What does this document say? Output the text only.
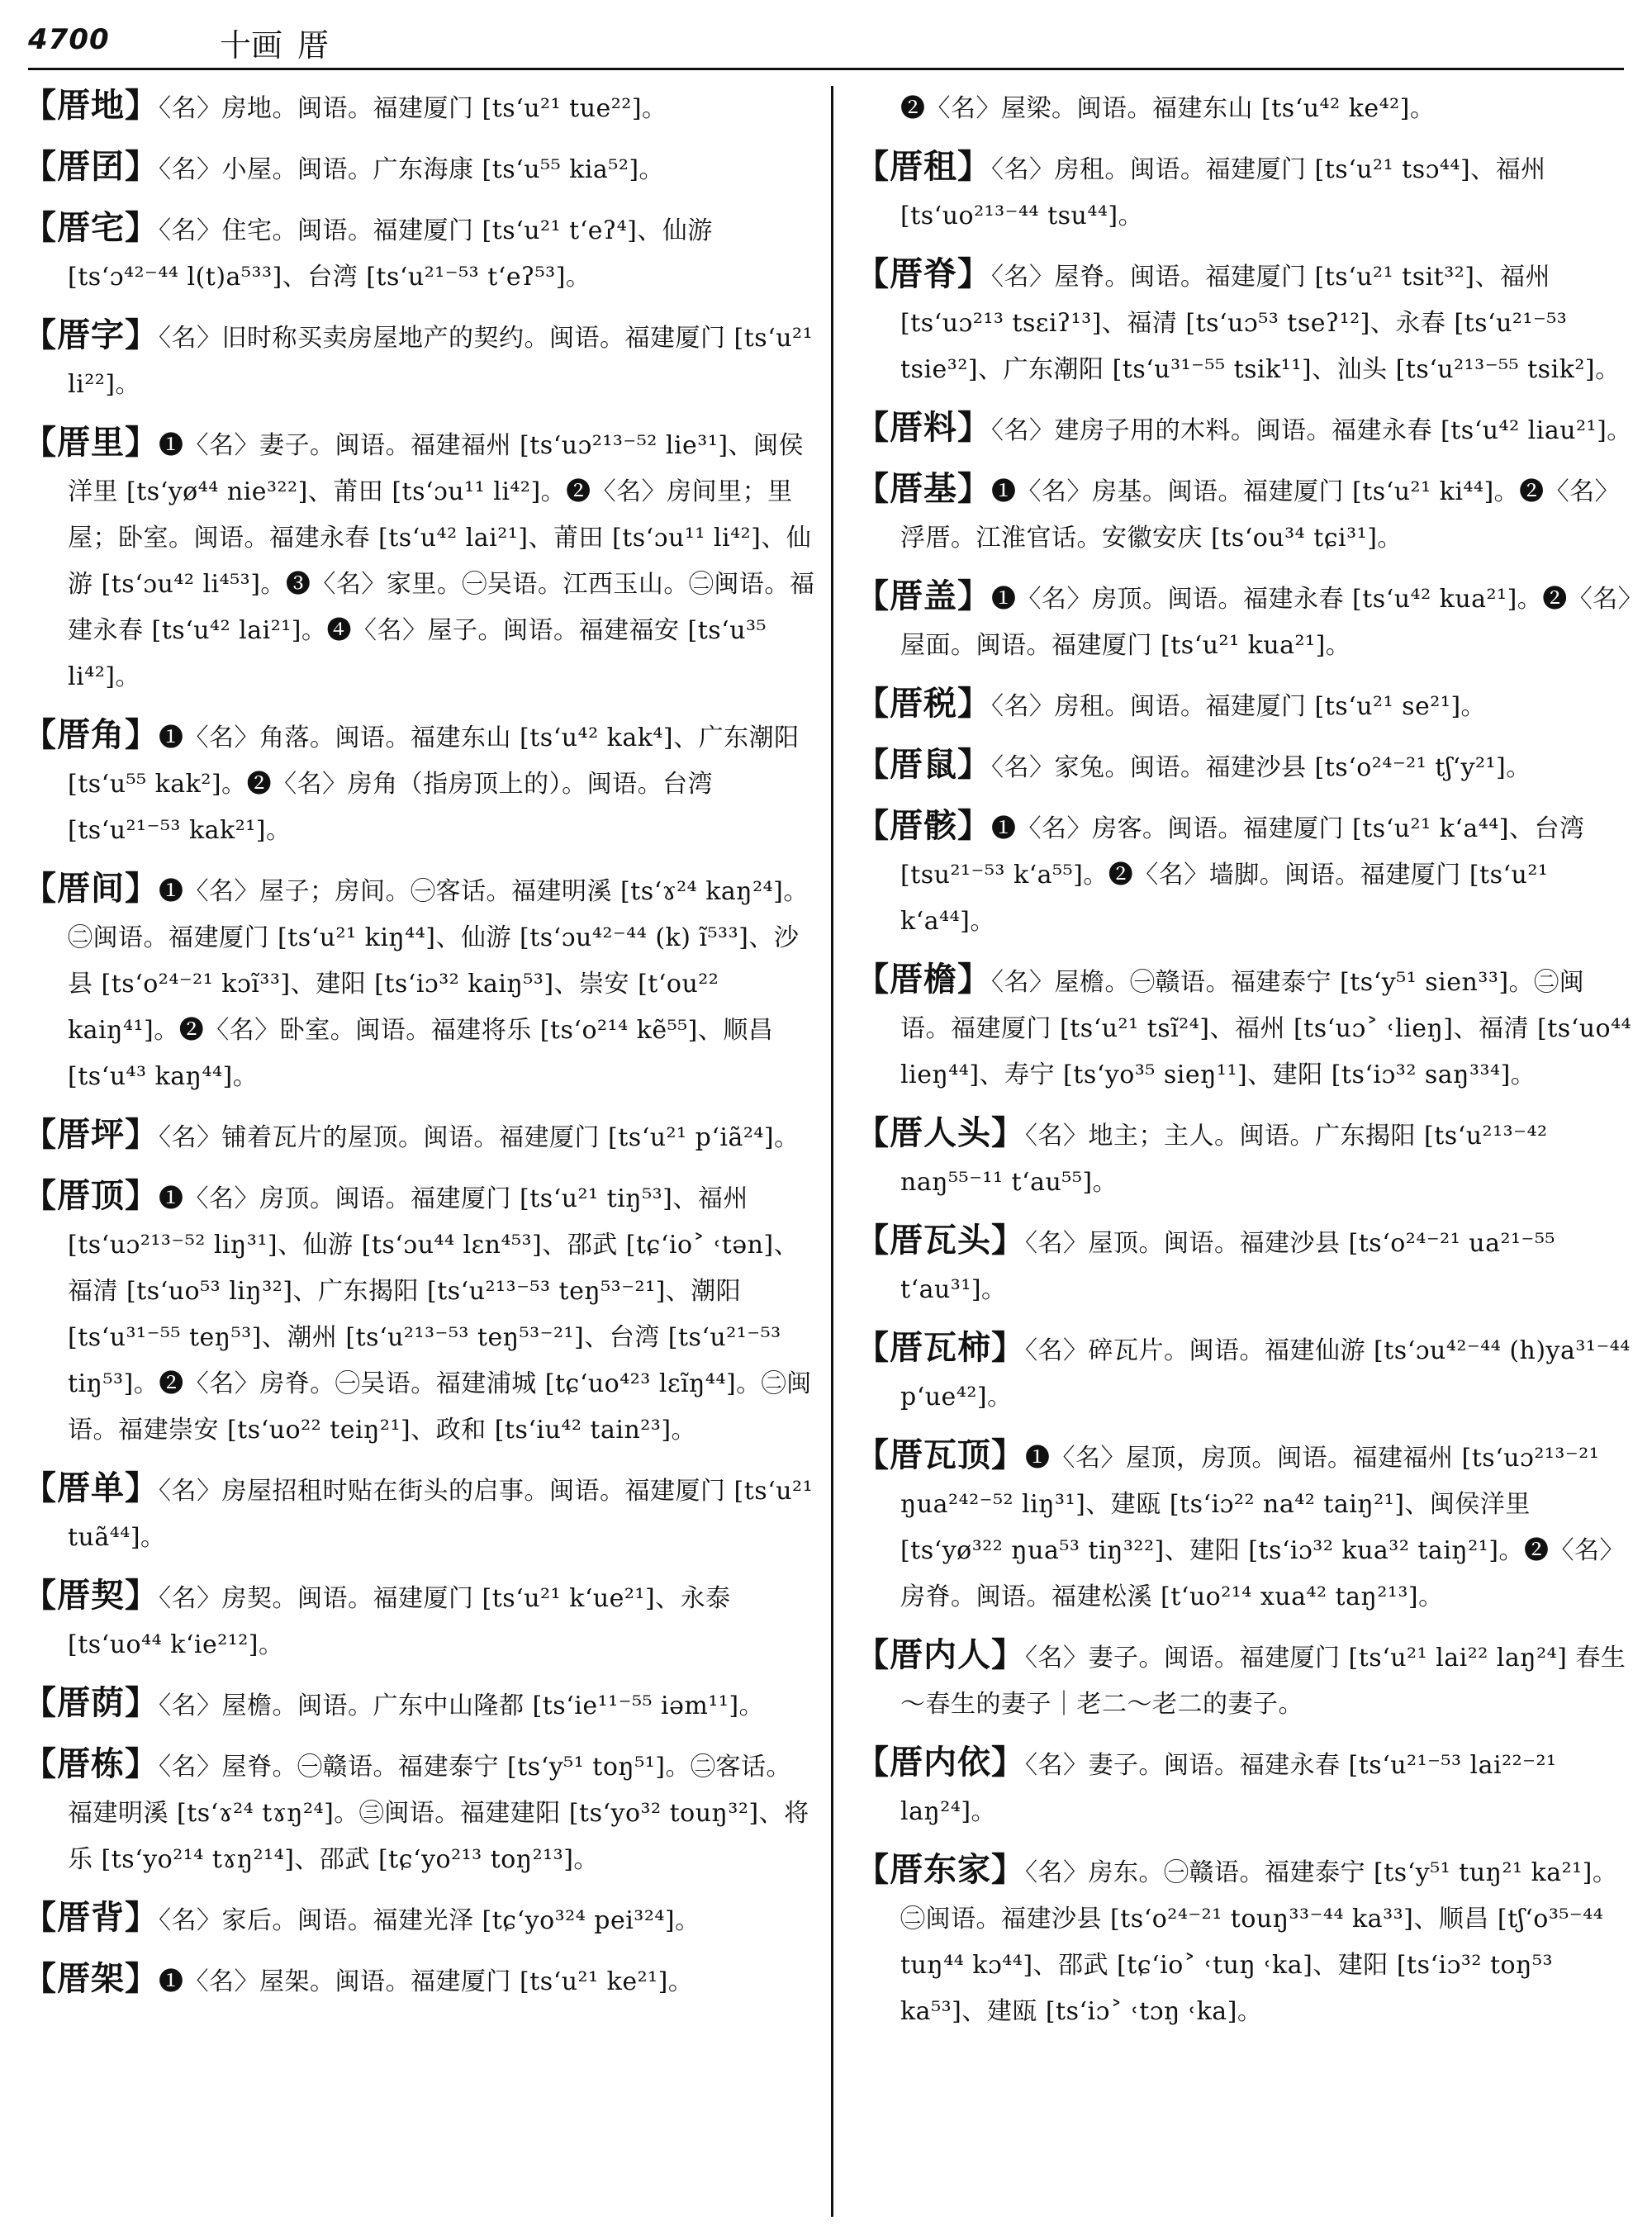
4700	十画 厝
【厝地】〈名〉房地。闽语。福建厦门 [ts‘u²¹ tue²²]。
【厝囝】〈名〉小屋。闽语。广东海康 [ts‘u⁵⁵ kia⁵²]。
【厝宅】〈名〉住宅。闽语。福建厦门 [ts‘u²¹ t‘eʔ⁴]、仙游 [ts‘ɔ⁴²⁻⁴⁴ l(t)a⁵³³]、台湾 [ts‘u²¹⁻⁵³ t‘eʔ⁵³]。
【厝字】〈名〉旧时称买卖房屋地产的契约。闽语。福建厦门 [ts‘u²¹ li²²]。
【厝里】❶〈名〉妻子。闽语。福建福州 [ts‘uɔ²¹³⁻⁵² lie³¹]、闽侯洋里 [ts‘yø⁴⁴ nie³²²]、莆田 [ts‘ɔu¹¹ li⁴²]。❷〈名〉房间里；里屋；卧室。闽语。福建永春 [ts‘u⁴² lai²¹]、莆田 [ts‘ɔu¹¹ li⁴²]、仙游 [ts‘ɔu⁴² li⁴⁵³]。❸〈名〉家里。㊀吴语。江西玉山。㊁闽语。福建永春 [ts‘u⁴² lai²¹]。❹〈名〉屋子。闽语。福建福安 [ts‘u³⁵ li⁴²]。
【厝角】❶〈名〉角落。闽语。福建东山 [ts‘u⁴² kak⁴]、广东潮阳 [ts‘u⁵⁵ kak²]。❷〈名〉房角（指房顶上的）。闽语。台湾 [ts‘u²¹⁻⁵³ kak²¹]。
【厝间】❶〈名〉屋子；房间。㊀客话。福建明溪 [ts‘ɤ²⁴ kaŋ²⁴]。㊁闽语。福建厦门 [ts‘u²¹ kiŋ⁴⁴]、仙游 [ts‘ɔu⁴²⁻⁴⁴ (k) ĩ⁵³³]、沙县 [ts‘o²⁴⁻²¹ kɔĩ³³]、建阳 [ts‘iɔ³² kaiŋ⁵³]、崇安 [t‘ou²² kaiŋ⁴¹]。❷〈名〉卧室。闽语。福建将乐 [ts‘o²¹⁴ kẽ⁵⁵]、顺昌 [ts‘u⁴³ kaŋ⁴⁴]。
【厝坪】〈名〉铺着瓦片的屋顶。闽语。福建厦门 [ts‘u²¹ p‘iã²⁴]。
【厝顶】❶〈名〉房顶。闽语。福建厦门 [ts‘u²¹ tiŋ⁵³]、福州 [ts‘uɔ²¹³⁻⁵² liŋ³¹]、仙游 [ts‘ɔu⁴⁴ lɛn⁴⁵³]、邵武 [tɕ‘io˃ ˓tən]、福清 [ts‘uo⁵³ liŋ³²]、广东揭阳 [ts‘u²¹³⁻⁵³ teŋ⁵³⁻²¹]、潮阳 [ts‘u³¹⁻⁵⁵ teŋ⁵³]、潮州 [ts‘u²¹³⁻⁵³ teŋ⁵³⁻²¹]、台湾 [ts‘u²¹⁻⁵³ tiŋ⁵³]。❷〈名〉房脊。㊀吴语。福建浦城 [tɕ‘uo⁴²³ lɛĩŋ⁴⁴]。㊁闽语。福建崇安 [ts‘uo²² teiŋ²¹]、政和 [ts‘iu⁴² tain²³]。
【厝单】〈名〉房屋招租时贴在街头的启事。闽语。福建厦门 [ts‘u²¹ tuã⁴⁴]。
【厝契】〈名〉房契。闽语。福建厦门 [ts‘u²¹ k‘ue²¹]、永泰 [ts‘uo⁴⁴ k‘ie²¹²]。
【厝荫】〈名〉屋檐。闽语。广东中山隆都 [ts‘ie¹¹⁻⁵⁵ iəm¹¹]。
【厝栋】〈名〉屋脊。㊀赣语。福建泰宁 [ts‘y⁵¹ toŋ⁵¹]。㊁客话。福建明溪 [ts‘ɤ²⁴ tɤŋ²⁴]。㊂闽语。福建建阳 [ts‘yo³² touŋ³²]、将乐 [ts‘yo²¹⁴ tɤŋ²¹⁴]、邵武 [tɕ‘yo²¹³ toŋ²¹³]。
【厝背】〈名〉家后。闽语。福建光泽 [tɕ‘yo³²⁴ pei³²⁴]。
【厝架】❶〈名〉屋架。闽语。福建厦门 [ts‘u²¹ ke²¹]。
❷〈名〉屋梁。闽语。福建东山 [ts‘u⁴² ke⁴²]。
【厝租】〈名〉房租。闽语。福建厦门 [ts‘u²¹ tsɔ⁴⁴]、福州 [ts‘uo²¹³⁻⁴⁴ tsu⁴⁴]。
【厝脊】〈名〉屋脊。闽语。福建厦门 [ts‘u²¹ tsit³²]、福州 [ts‘uɔ²¹³ tsɛiʔ¹³]、福清 [ts‘uɔ⁵³ tseʔ¹²]、永春 [ts‘u²¹⁻⁵³ tsie³²]、广东潮阳 [ts‘u³¹⁻⁵⁵ tsik¹¹]、汕头 [ts‘u²¹³⁻⁵⁵ tsik²]。
【厝料】〈名〉建房子用的木料。闽语。福建永春 [ts‘u⁴² liau²¹]。
【厝基】❶〈名〉房基。闽语。福建厦门 [ts‘u²¹ ki⁴⁴]。❷〈名〉浮厝。江淮官话。安徽安庆 [ts‘ou³⁴ tɕi³¹]。
【厝盖】❶〈名〉房顶。闽语。福建永春 [ts‘u⁴² kua²¹]。❷〈名〉屋面。闽语。福建厦门 [ts‘u²¹ kua²¹]。
【厝税】〈名〉房租。闽语。福建厦门 [ts‘u²¹ se²¹]。
【厝鼠】〈名〉家兔。闽语。福建沙县 [ts‘o²⁴⁻²¹ tʃ‘y²¹]。
【厝骸】❶〈名〉房客。闽语。福建厦门 [ts‘u²¹ k‘a⁴⁴]、台湾 [tsu²¹⁻⁵³ k‘a⁵⁵]。❷〈名〉墙脚。闽语。福建厦门 [ts‘u²¹ k‘a⁴⁴]。
【厝檐】〈名〉屋檐。㊀赣语。福建泰宁 [ts‘y⁵¹ sien³³]。㊁闽语。福建厦门 [ts‘u²¹ tsĩ²⁴]、福州 [ts‘uɔ˃ ˓lieŋ]、福清 [ts‘uo⁴⁴ lieŋ⁴⁴]、寿宁 [ts‘yo³⁵ sieŋ¹¹]、建阳 [ts‘iɔ³² saŋ³³⁴]。
【厝人头】〈名〉地主；主人。闽语。广东揭阳 [ts‘u²¹³⁻⁴² naŋ⁵⁵⁻¹¹ t‘au⁵⁵]。
【厝瓦头】〈名〉屋顶。闽语。福建沙县 [ts‘o²⁴⁻²¹ ua²¹⁻⁵⁵ t‘au³¹]。
【厝瓦柿】〈名〉碎瓦片。闽语。福建仙游 [ts‘ɔu⁴²⁻⁴⁴ (h)ya³¹⁻⁴⁴ p‘ue⁴²]。
【厝瓦顶】❶〈名〉屋顶，房顶。闽语。福建福州 [ts‘uɔ²¹³⁻²¹ ŋua²⁴²⁻⁵² liŋ³¹]、建瓯 [ts‘iɔ²² na⁴² taiŋ²¹]、闽侯洋里 [ts‘yø³²² ŋua⁵³ tiŋ³²²]、建阳 [ts‘iɔ³² kua³² taiŋ²¹]。❷〈名〉房脊。闽语。福建松溪 [t‘uo²¹⁴ xua⁴² taŋ²¹³]。
【厝内人】〈名〉妻子。闽语。福建厦门 [ts‘u²¹ lai²² laŋ²⁴] 春生～春生的妻子｜老二～老二的妻子。
【厝内依】〈名〉妻子。闽语。福建永春 [ts‘u²¹⁻⁵³ lai²²⁻²¹ laŋ²⁴]。
【厝东家】〈名〉房东。㊀赣语。福建泰宁 [ts‘y⁵¹ tuŋ²¹ ka²¹]。㊁闽语。福建沙县 [ts‘o²⁴⁻²¹ touŋ³³⁻⁴⁴ ka³³]、顺昌 [tʃ‘o³⁵⁻⁴⁴ tuŋ⁴⁴ kɔ⁴⁴]、邵武 [tɕ‘io˃ ˓tuŋ ˓ka]、建阳 [ts‘iɔ³² toŋ⁵³ ka⁵³]、建瓯 [ts‘iɔ˃ ˓tɔŋ ˓ka]。
